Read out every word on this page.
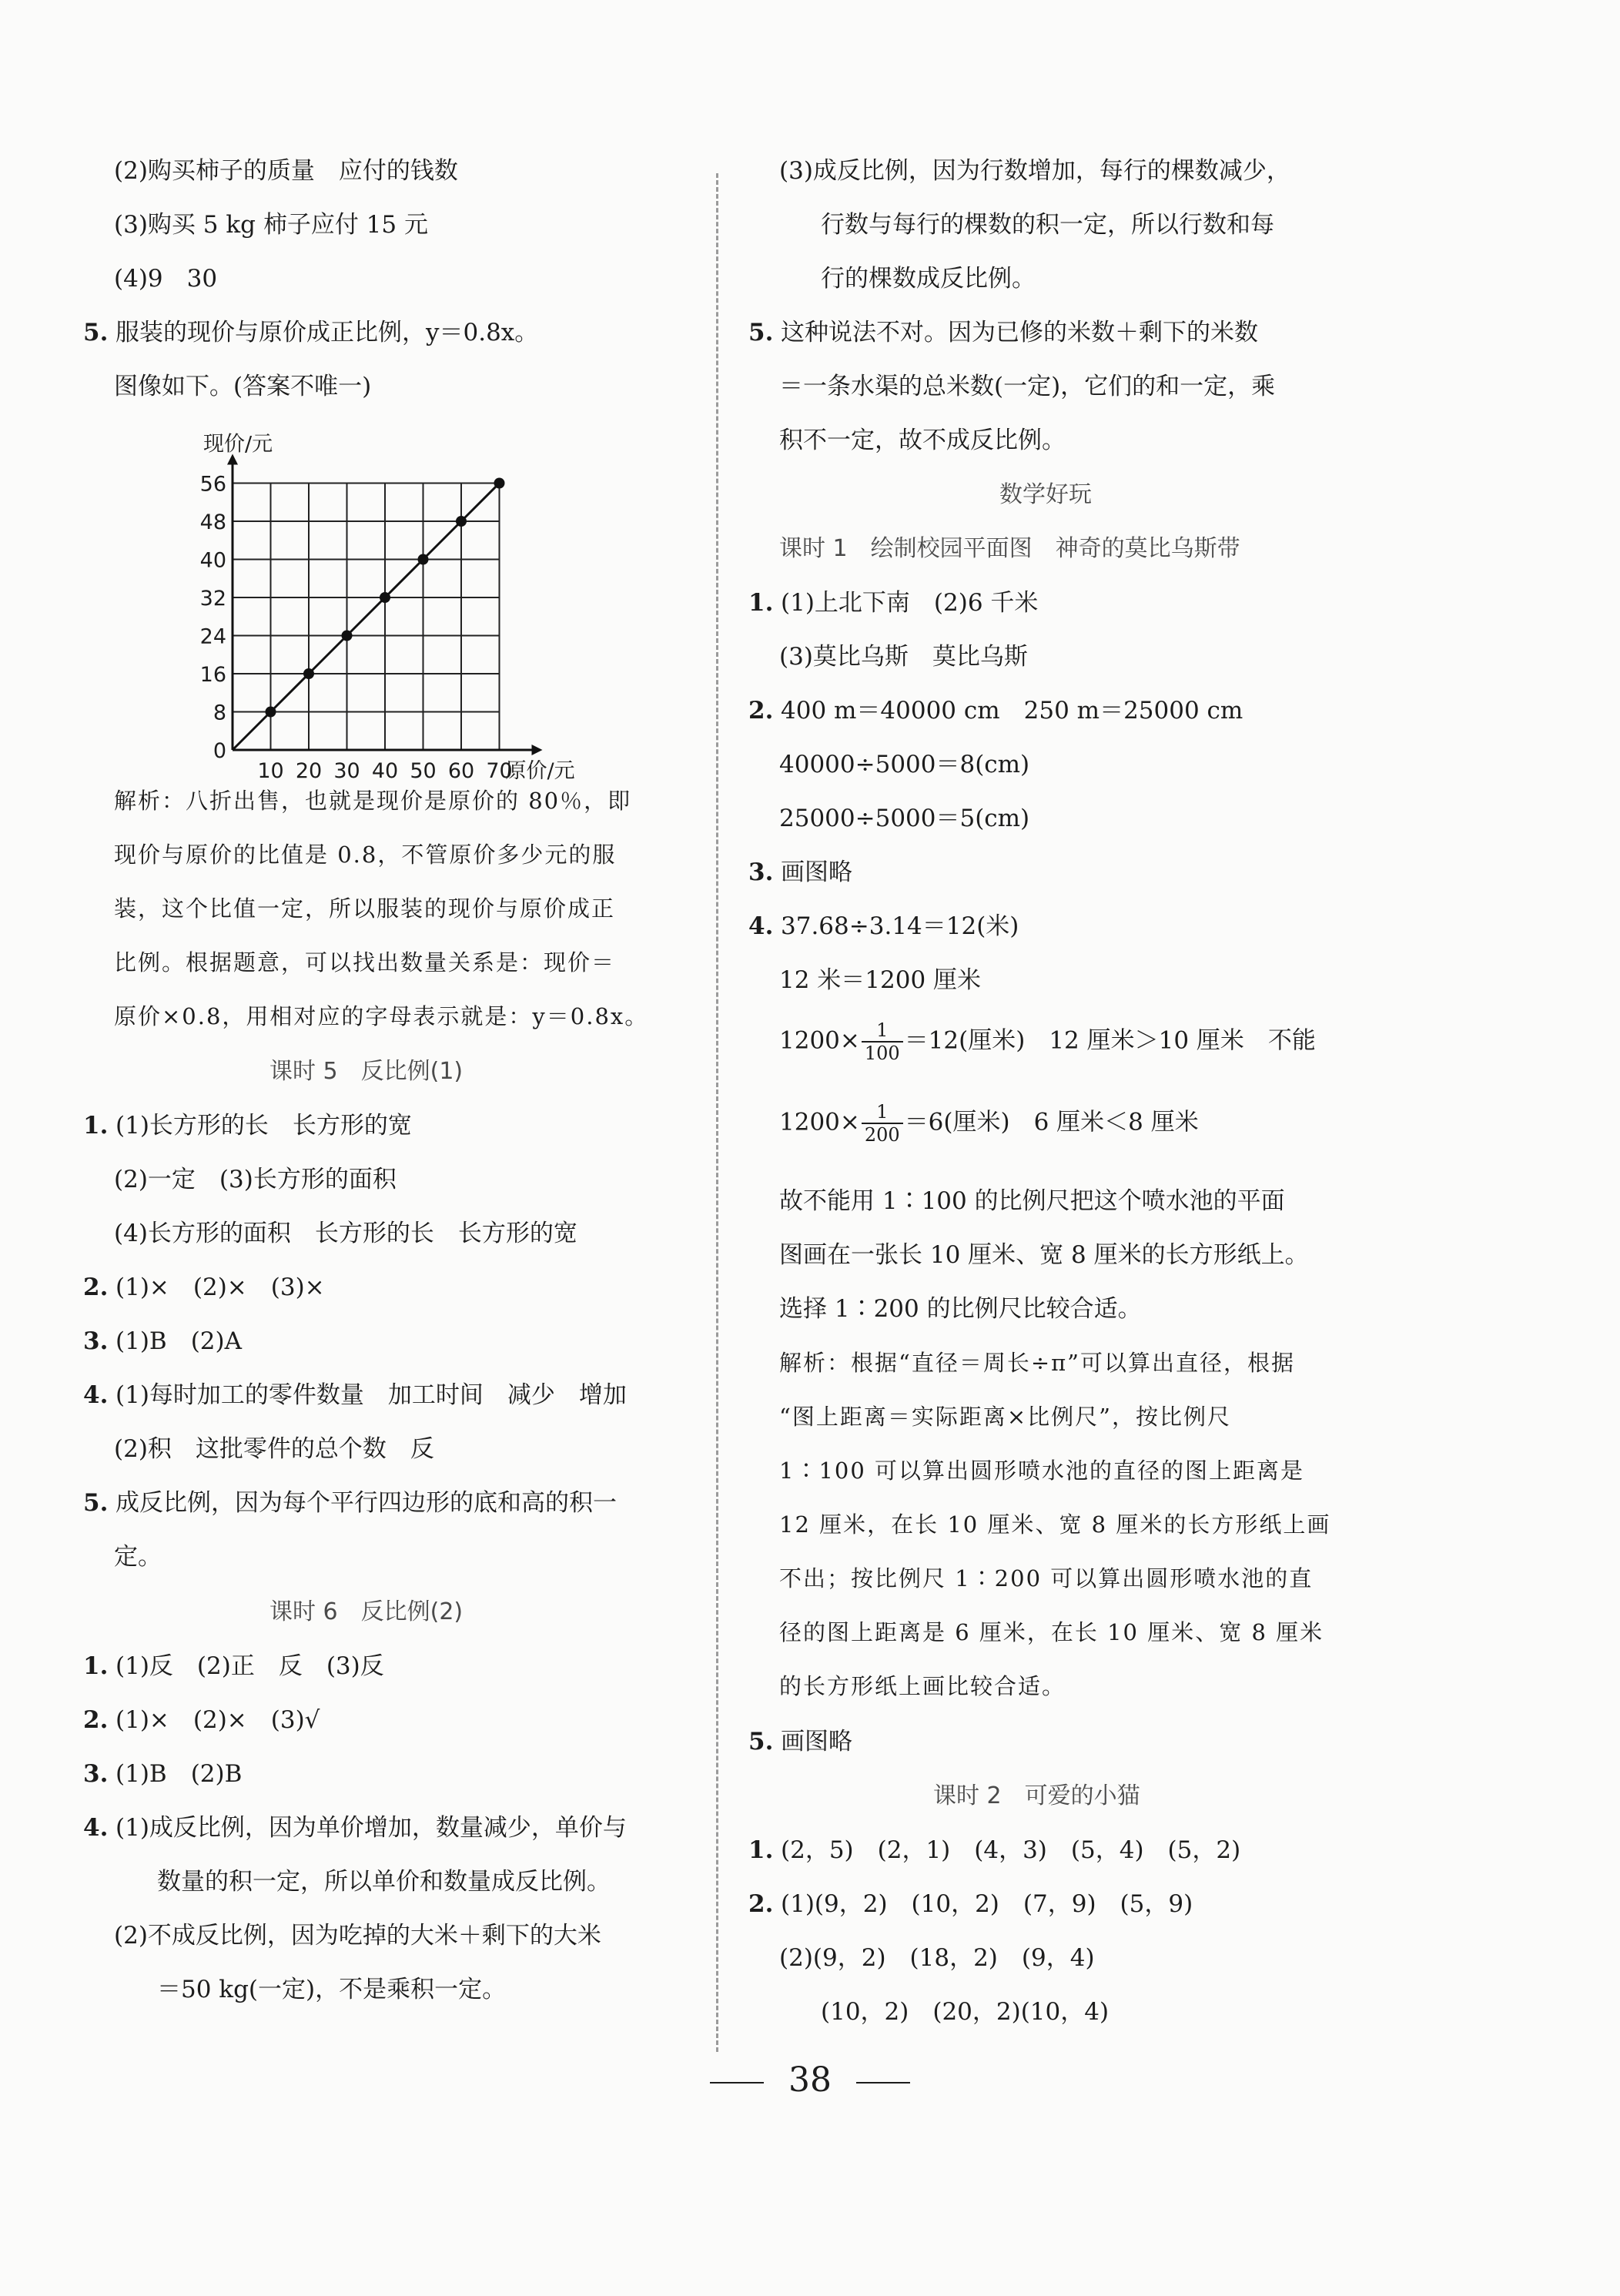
10 20 30 40 50 60 70
8
16
24
32
40
48
56
0
现价/元
原价/元
38
(2)购买柿子的质量　应付的钱数
(3)购买 5 kg 柿子应付 15 元
(4)9　30
5. 服装的现价与原价成正比例，y＝0.8x。
图像如下。(答案不唯一)
解析：八折出售，也就是现价是原价的 80％，即
现价与原价的比值是 0.8，不管原价多少元的服
装，这个比值一定，所以服装的现价与原价成正
比例。根据题意，可以找出数量关系是：现价＝
原价×0.8，用相对应的字母表示就是：y＝0.8x。
课时 5　反比例(1)
1. (1)长方形的长　长方形的宽
(2)一定　(3)长方形的面积
(4)长方形的面积　长方形的长　长方形的宽
2. (1)×　(2)×　(3)×
3. (1)B　(2)A
4. (1)每时加工的零件数量　加工时间　减少　增加
(2)积　这批零件的总个数　反
5. 成反比例，因为每个平行四边形的底和高的积一
定。
课时 6　反比例(2)
1. (1)反　(2)正　反　(3)反
2. (1)×　(2)×　(3)√
3. (1)B　(2)B
4. (1)成反比例，因为单价增加，数量减少，单价与
数量的积一定，所以单价和数量成反比例。
(2)不成反比例，因为吃掉的大米＋剩下的大米
＝50 kg(一定)，不是乘积一定。
(3)成反比例，因为行数增加，每行的棵数减少，
行数与每行的棵数的积一定，所以行数和每
行的棵数成反比例。
5. 这种说法不对。因为已修的米数＋剩下的米数
＝一条水渠的总米数(一定)，它们的和一定，乘
积不一定，故不成反比例。
数学好玩
课时 1　绘制校园平面图　神奇的莫比乌斯带
1. (1)上北下南　(2)6 千米
(3)莫比乌斯　莫比乌斯
2. 400 m＝40000 cm　250 m＝25000 cm
40000÷5000＝8(cm)
25000÷5000＝5(cm)
3. 画图略
4. 37.68÷3.14＝12(米)
12 米＝1200 厘米
故不能用 1∶100 的比例尺把这个喷水池的平面
图画在一张长 10 厘米、宽 8 厘米的长方形纸上。
选择 1∶200 的比例尺比较合适。
解析：根据“直径＝周长÷π”可以算出直径，根据
“图上距离＝实际距离×比例尺”，按比例尺
1∶100 可以算出圆形喷水池的直径的图上距离是
12 厘米，在长 10 厘米、宽 8 厘米的长方形纸上画
不出；按比例尺 1∶200 可以算出圆形喷水池的直
径的图上距离是 6 厘米，在长 10 厘米、宽 8 厘米
的长方形纸上画比较合适。
5. 画图略
课时 2　可爱的小猫
1. (2，5)　(2，1)　(4，3)　(5，4)　(5，2)
2. (1)(9，2)　(10，2)　(7，9)　(5，9)
(2)(9，2)　(18，2)　(9，4)
(10，2)　(20，2)(10，4)
$1200\times \frac{1}{100} =12$(厘米)　12 厘米＞10 厘米　不能
$1200\times \frac{1}{200} =6$(厘米)　6 厘米＜8 厘米
